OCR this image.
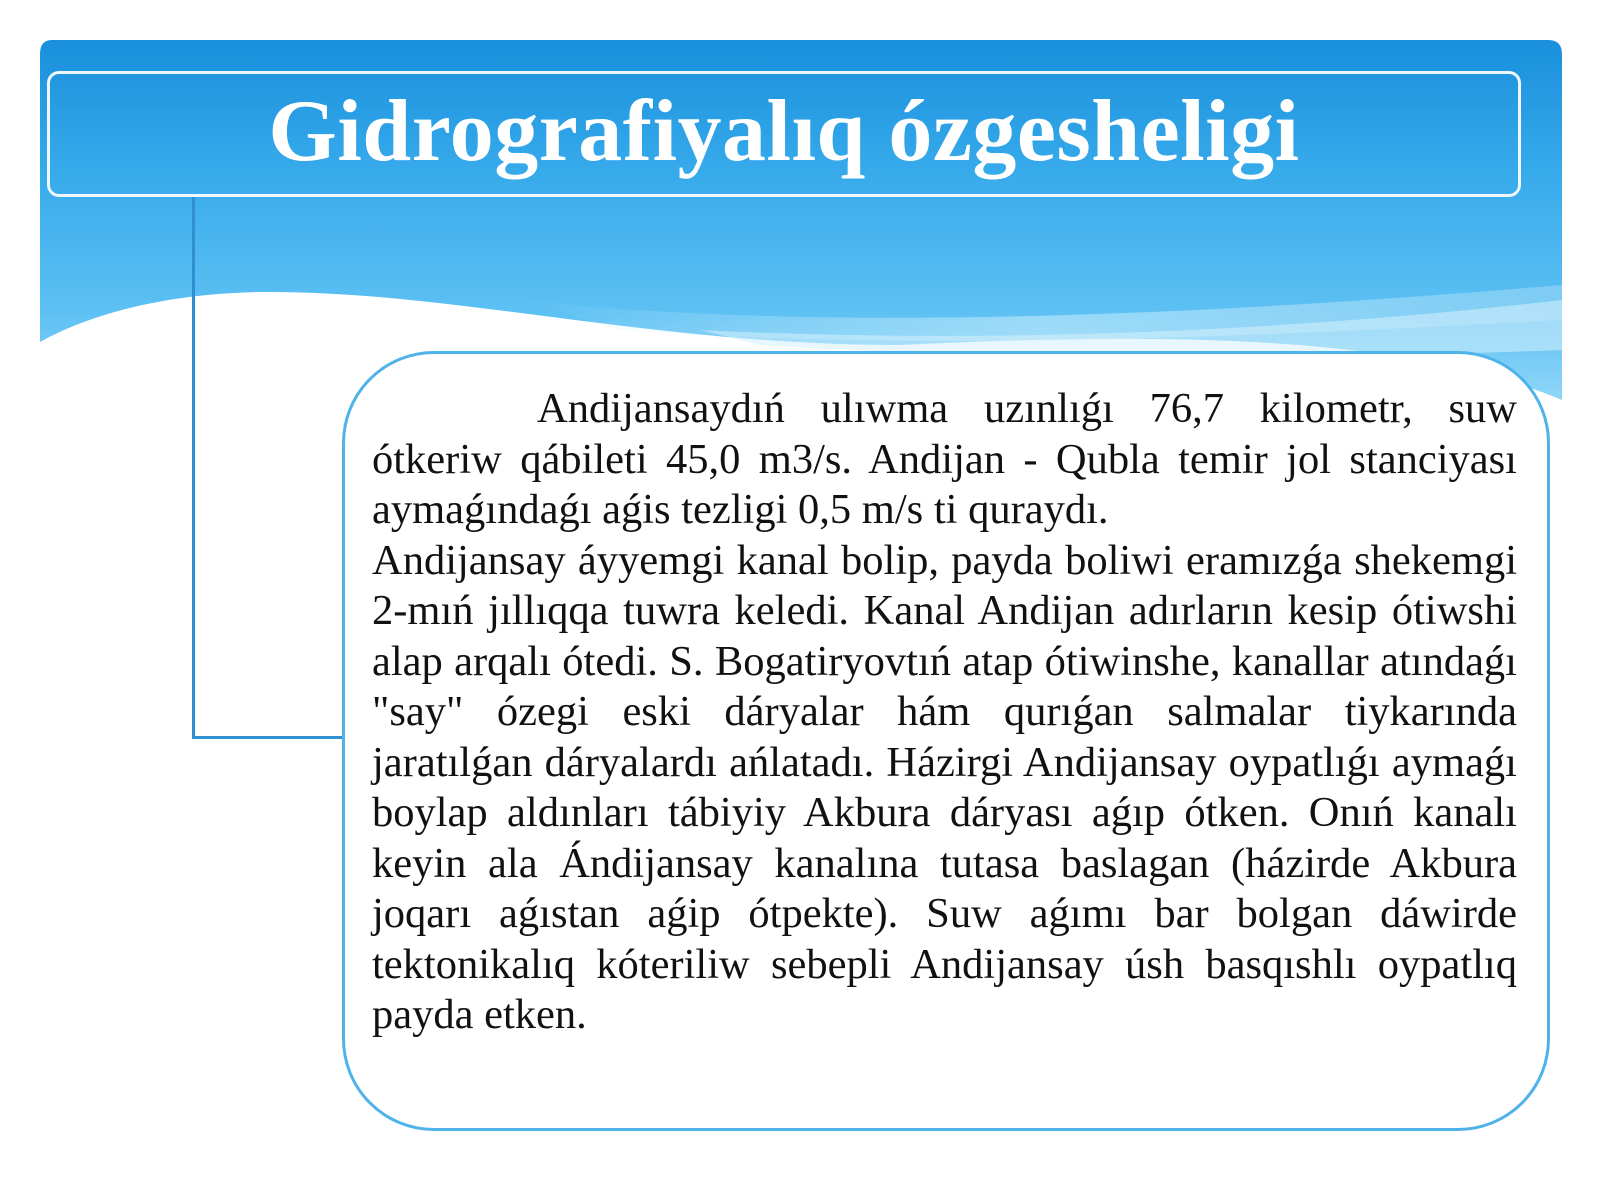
Gidrografiyalıq ózgesheligi

Andijansaydıń ulıwma uzınlıǵı 76,7 kilometr, suw ótkeriw qábileti 45,0 m3/s. Andijan - Qubla temir jol stanciyası aymaǵındaǵı aǵis tezligi 0,5 m/s ti quraydı.

Andijansay áyyemgi kanal bolip, payda boliwi eramızǵa shekemgi 2-mıń jıllıqqa tuwra keledi. Kanal Andijan adırların kesip ótiwshi alap arqalı ótedi. S. Bogatiryovtıń atap ótiwinshe, kanallar atındaǵı "say" ózegi eski dáryalar hám qurıǵan salmalar tiykarında jaratılǵan dáryalardı ańlatadı. Házirgi Andijansay oypatlıǵı aymaǵı boylap aldınları tábiyiy Akbura dáryası aǵıp ótken. Onıń kanalı keyin ala Ándijansay kanalına tutasa baslagan (házirde Akbura joqarı aǵıstan aǵip ótpekte). Suw aǵımı bar bolgan dáwirde tektonikalıq kóteriliw sebepli Andijansay úsh basqıshlı oypatlıq payda etken.
